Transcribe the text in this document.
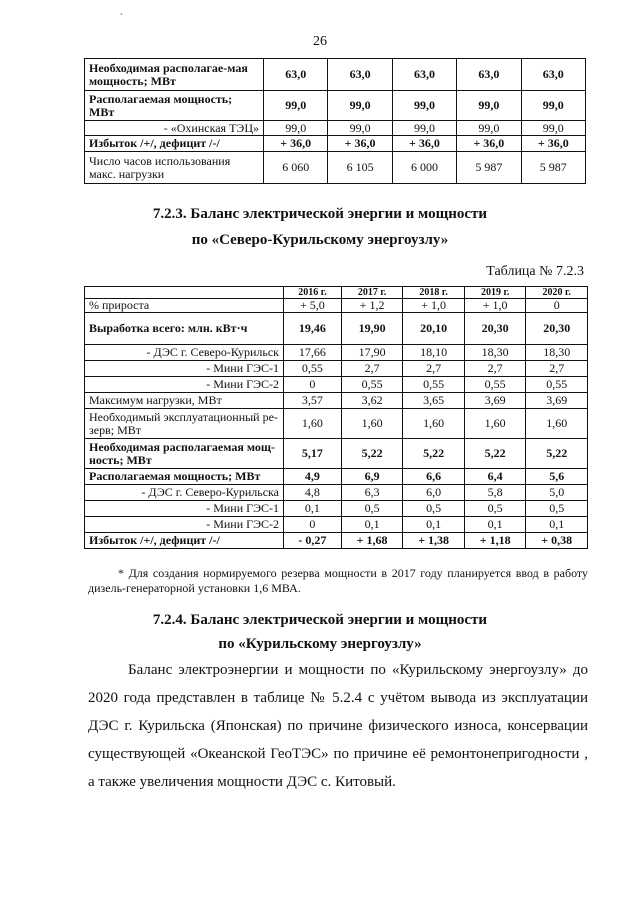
`
26
Необходимая располагае-мая мощность; МВт	63,0	63,0	63,0	63,0	63,0
Располагаемая мощность; МВт	99,0	99,0	99,0	99,0	99,0
- «Охинская ТЭЦ»	99,0	99,0	99,0	99,0	99,0
Избыток /+/, дефицит /-/	+ 36,0	+ 36,0	+ 36,0	+ 36,0	+ 36,0
Число часов использования макс. нагрузки	6 060	6 105	6 000	5 987	5 987
7.2.3. Баланс электрической энергии и мощности
по «Северо-Курильскому энергоузлу»
Таблица № 7.2.3
	2016 г.	2017 г.	2018 г.	2019 г.	2020 г.
% прироста	+ 5,0	+ 1,2	+ 1,0	+ 1,0	0
Выработка всего: млн. кВт·ч	19,46	19,90	20,10	20,30	20,30
- ДЭС г. Северо-Курильск	17,66	17,90	18,10	18,30	18,30
- Мини ГЭС-1	0,55	2,7	2,7	2,7	2,7
- Мини ГЭС-2	0	0,55	0,55	0,55	0,55
Максимум нагрузки, МВт	3,57	3,62	3,65	3,69	3,69
Необходимый эксплуатационный ре-зерв; МВт	1,60	1,60	1,60	1,60	1,60
Необходимая располагаемая мощ-ность; МВт	5,17	5,22	5,22	5,22	5,22
Располагаемая мощность; МВт	4,9	6,9	6,6	6,4	5,6
- ДЭС г. Северо-Курильска	4,8	6,3	6,0	5,8	5,0
- Мини ГЭС-1	0,1	0,5	0,5	0,5	0,5
- Мини ГЭС-2	0	0,1	0,1	0,1	0,1
Избыток /+/, дефицит /-/	- 0,27	+ 1,68	+ 1,38	+ 1,18	+ 0,38
* Для создания нормируемого резерва мощности в 2017 году планируется ввод в работу дизель-генераторной установки 1,6 МВА.
7.2.4. Баланс электрической энергии и мощности
по «Курильскому энергоузлу»
Баланс электроэнергии и мощности по «Курильскому энергоузлу» до 2020 года представлен в таблице № 5.2.4 с учётом вывода из эксплуатации ДЭС г. Курильска (Японская) по причине физического износа, консервации существующей «Океанской ГеоТЭС» по причине её ремонтонепригодности , а также увеличения мощности ДЭС с. Китовый.
